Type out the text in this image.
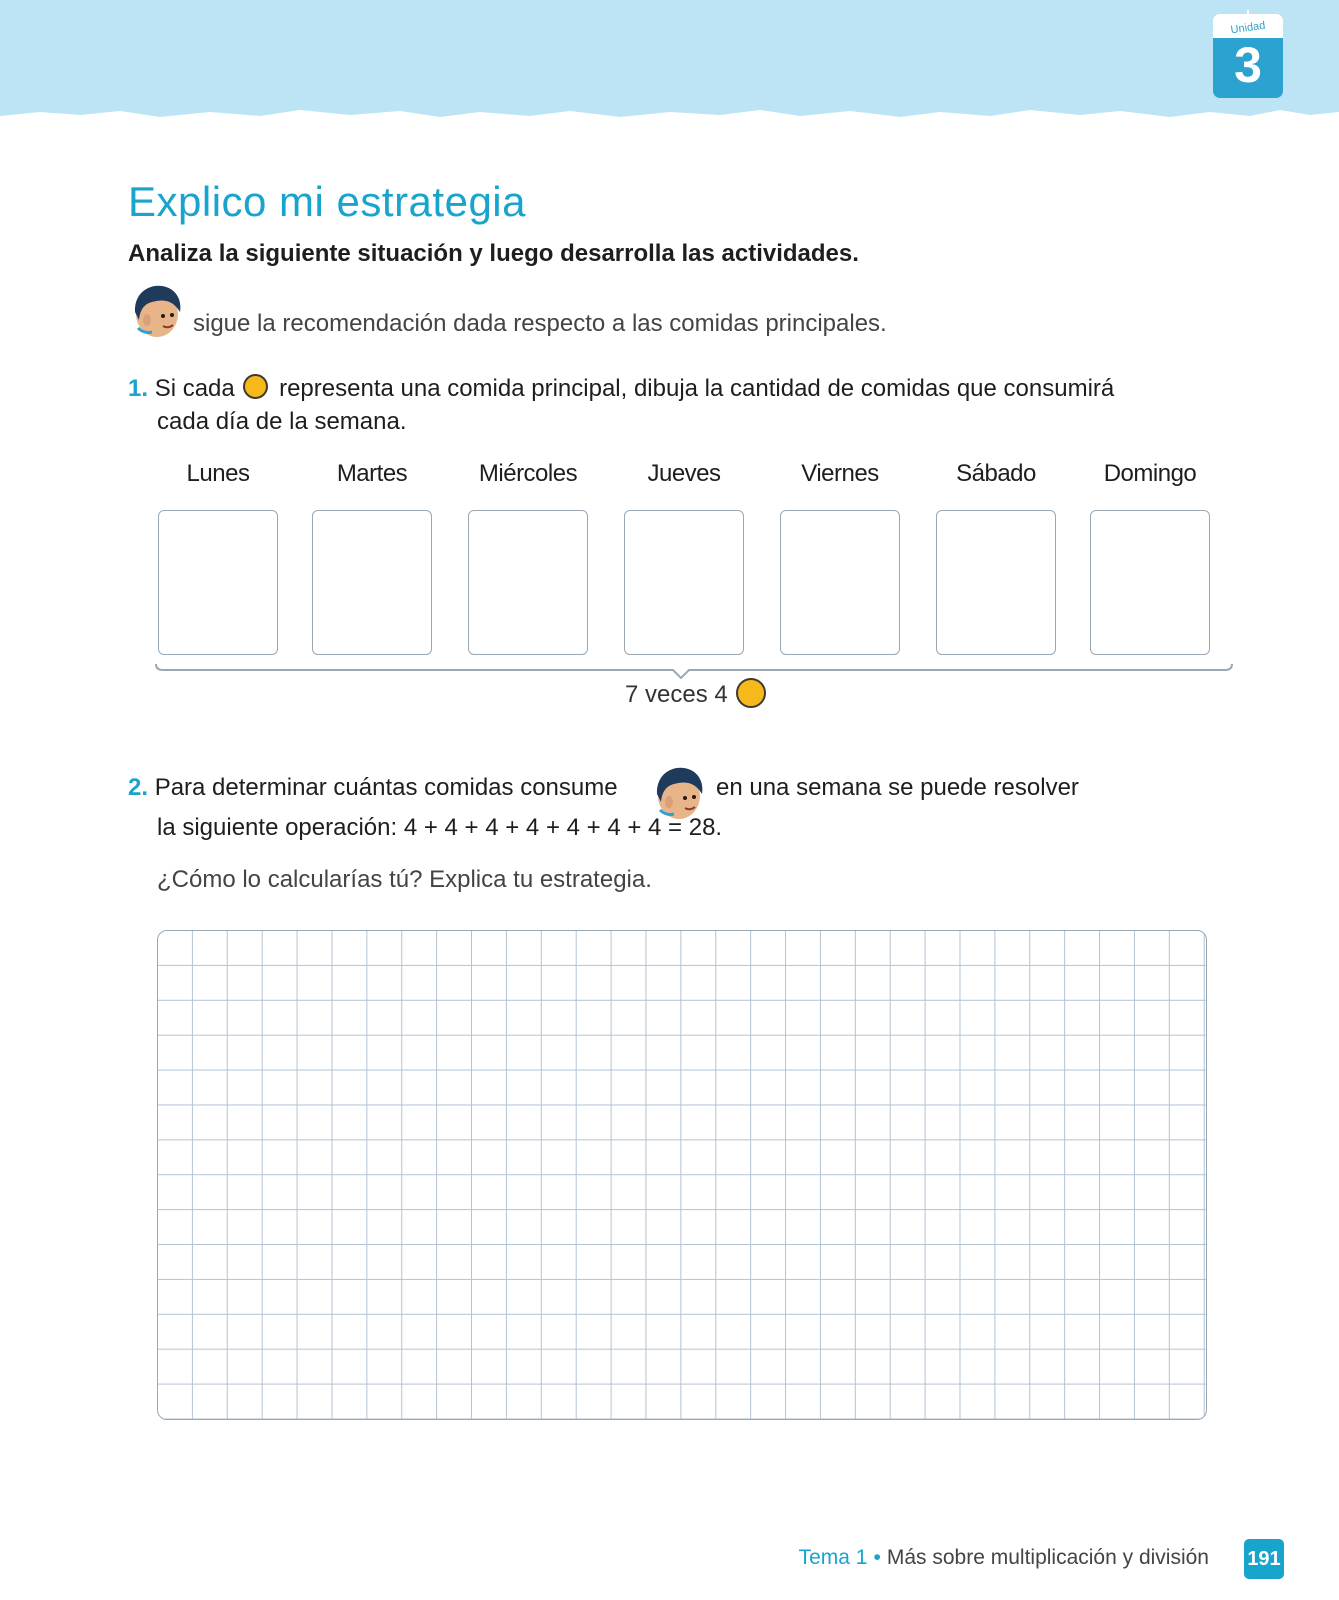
Unidad
3
Explico mi estrategia

Analiza la siguiente situación y luego desarrolla las actividades.

sigue la recomendación dada respecto a las comidas principales.

1. Si cada representa una comida principal, dibuja la cantidad de comidas que consumirá
cada día de la semana.
Lunes	Martes	Miércoles	Jueves	Viernes	Sábado	Domingo
7 veces 4

2. Para determinar cuántas comidas consume	en una semana se puede resolver

la siguiente operación: 4 + 4 + 4 + 4 + 4 + 4 + 4 = 28.

¿Cómo lo calcularías tú? Explica tu estrategia.

Tema 1 • Más sobre multiplicación y división 191
